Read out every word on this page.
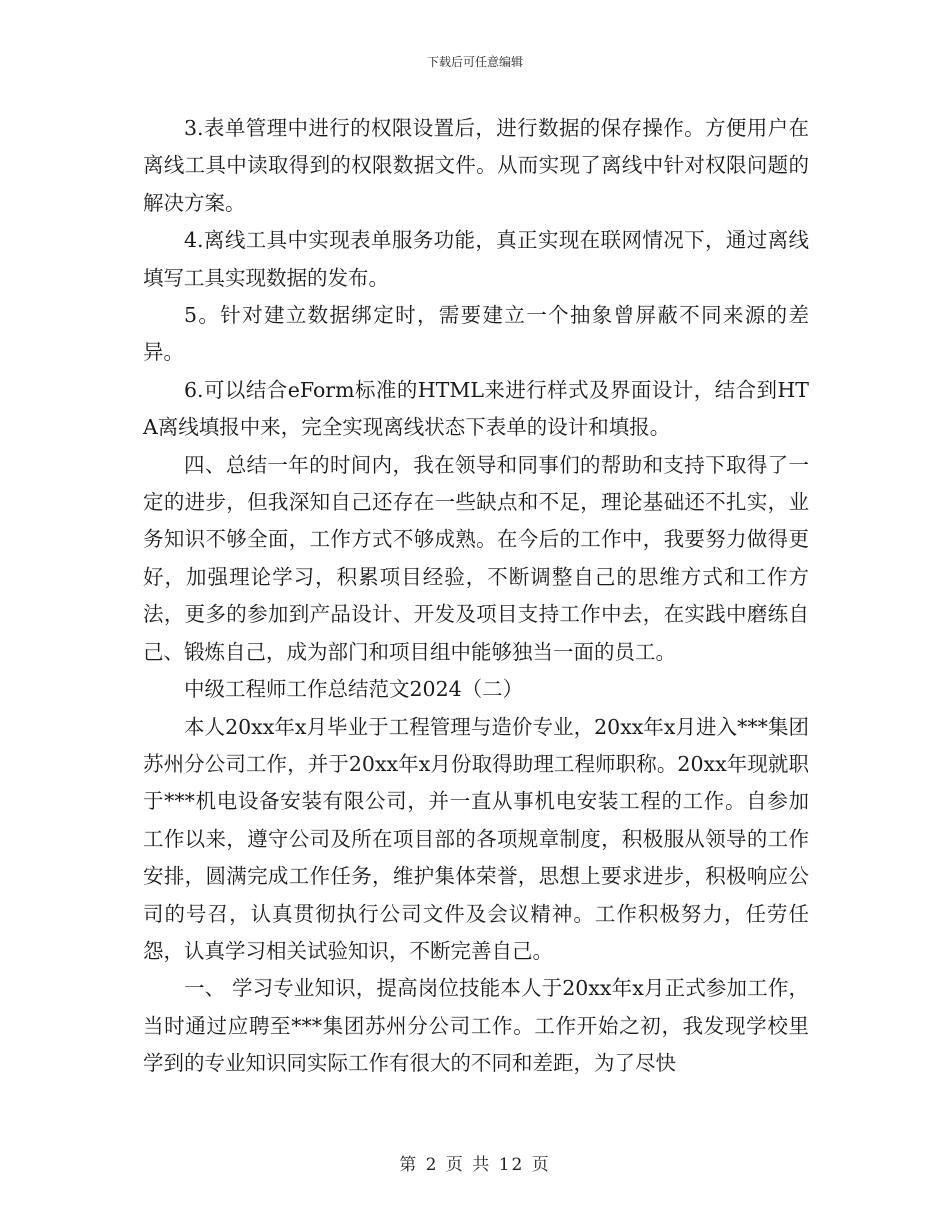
下载后可任意编辑

3.表单管理中进行的权限设置后，进行数据的保存操作。方便用户在离线工具中读取得到的权限数据文件。从而实现了离线中针对权限问题的解决方案。

4.离线工具中实现表单服务功能，真正实现在联网情况下，通过离线填写工具实现数据的发布。

5。针对建立数据绑定时，需要建立一个抽象曾屏蔽不同来源的差异。

6.可以结合eForm标准的HTML来进行样式及界面设计，结合到HTA离线填报中来，完全实现离线状态下表单的设计和填报。

四、总结一年的时间内，我在领导和同事们的帮助和支持下取得了一定的进步，但我深知自己还存在一些缺点和不足，理论基础还不扎实，业务知识不够全面，工作方式不够成熟。在今后的工作中，我要努力做得更好，加强理论学习，积累项目经验，不断调整自己的思维方式和工作方法，更多的参加到产品设计、开发及项目支持工作中去，在实践中磨练自己、锻炼自己，成为部门和项目组中能够独当一面的员工。

中级工程师工作总结范文2024（二）

本人20xx年x月毕业于工程管理与造价专业，20xx年x月进入***集团苏州分公司工作，并于20xx年x月份取得助理工程师职称。20xx年现就职于***机电设备安装有限公司，并一直从事机电安装工程的工作。自参加工作以来，遵守公司及所在项目部的各项规章制度，积极服从领导的工作安排，圆满完成工作任务，维护集体荣誉，思想上要求进步，积极响应公司的号召，认真贯彻执行公司文件及会议精神。工作积极努力，任劳任怨，认真学习相关试验知识，不断完善自己。

一、 学习专业知识，提高岗位技能本人于20xx年x月正式参加工作，当时通过应聘至***集团苏州分公司工作。工作开始之初，我发现学校里学到的专业知识同实际工作有很大的不同和差距，为了尽快

第 2 页 共 12 页
